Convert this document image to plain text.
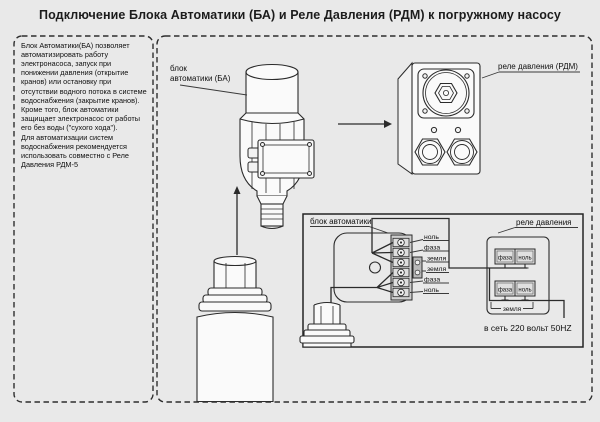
Подключение Блока Автоматики (БА) и Реле Давления (РДМ) к погружному насосу

Блок Автоматики(БА) позволяет автоматизировать работу электронасоса, запуск при понижении давления (открытие кранов) или остановку при отсутствии водного потока в системе водоснабжения (закрытие кранов). Кроме того, блок автоматики защищает электронасос от работы его без воды ("сухого хода").

Для автоматизации систем водоснабжения рекомендуется использовать совместно с Реле Давления РДМ-5

блок
автоматики (БА)
реле давления (РДМ)
блок автоматики
ноль
фаза
земля
земля
фаза
ноль
реле давления
фаза ноль
фаза ноль
земля
в сеть 220 вольт 50HZ
